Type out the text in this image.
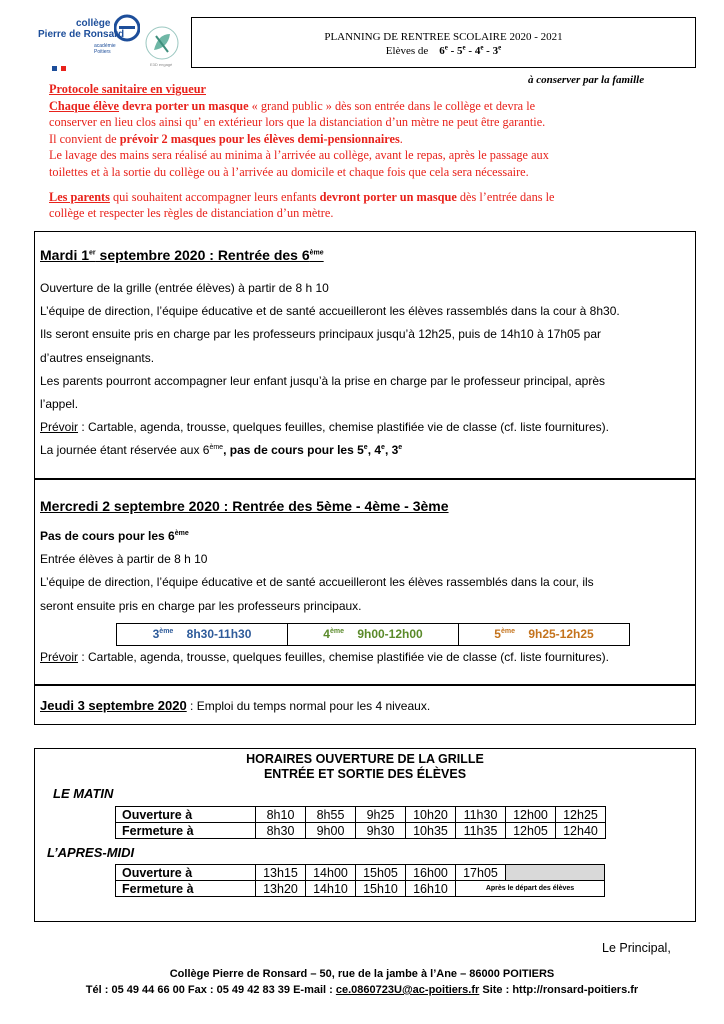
collège
Pierre de Ronsard
académie
Poitiers
E3D engagé
PLANNING DE RENTREE SCOLAIRE 2020 - 2021
Elèves de 6e - 5e - 4e - 3e
à conserver par la famille

Protocole sanitaire en vigueur

Chaque élève devra porter un masque « grand public » dès son entrée dans le collège et devra le

conserver en lieu clos ainsi qu’ en extérieur lors que la distanciation d’un mètre ne peut être garantie.

Il convient de prévoir 2 masques pour les élèves demi-pensionnaires.

Le lavage des mains sera réalisé au minima à l’arrivée au collège, avant le repas, après le passage aux

toilettes et à la sortie du collège ou à l’arrivée au domicile et chaque fois que cela sera nécessaire.

Les parents qui souhaitent accompagner leurs enfants devront porter un masque dès l’entrée dans le

collège et respecter les règles de distanciation d’un mètre.

Mardi 1er septembre 2020 : Rentrée des 6ème

Ouverture de la grille (entrée élèves) à partir de 8 h 10

L’équipe de direction, l’équipe éducative et de santé accueilleront les élèves rassemblés dans la cour à 8h30.

Ils seront ensuite pris en charge par les professeurs principaux jusqu’à 12h25, puis de 14h10 à 17h05 par

d’autres enseignants.

Les parents pourront accompagner leur enfant jusqu’à la prise en charge par le professeur principal, après

l’appel.

Prévoir : Cartable, agenda, trousse, quelques feuilles, chemise plastifiée vie de classe (cf. liste fournitures).

La journée étant réservée aux 6ème, pas de cours pour les 5e, 4e, 3e

Mercredi 2 septembre 2020 : Rentrée des 5ème - 4ème - 3ème

Pas de cours pour les 6ème

Entrée élèves à partir de 8 h 10

L’équipe de direction, l’équipe éducative et de santé accueilleront les élèves rassemblés dans la cour, ils

seront ensuite pris en charge par les professeurs principaux.

3ème 8h30-11h30	4ème 9h00-12h00	5ème 9h25-12h25

Prévoir : Cartable, agenda, trousse, quelques feuilles, chemise plastifiée vie de classe (cf. liste fournitures).

Jeudi 3 septembre 2020 : Emploi du temps normal pour les 4 niveaux.

HORAIRES OUVERTURE DE LA GRILLE
ENTRÉE ET SORTIE DES ÉLÈVES
LE MATIN
Ouverture à	8h10	8h55	9h25	10h20	11h30	12h00	12h25
Fermeture à	8h30	9h00	9h30	10h35	11h35	12h05	12h40
L’APRES-MIDI
Ouverture à	13h15	14h00	15h05	16h00	17h05	
Fermeture à	13h20	14h10	15h10	16h10	Après le départ des élèves	
Le Principal,
Collège Pierre de Ronsard – 50, rue de la jambe à l’Ane – 86000 POITIERS
Tél : 05 49 44 66 00 Fax : 05 49 42 83 39 E-mail : ce.0860723U@ac-poitiers.fr Site : http://ronsard-poitiers.fr
